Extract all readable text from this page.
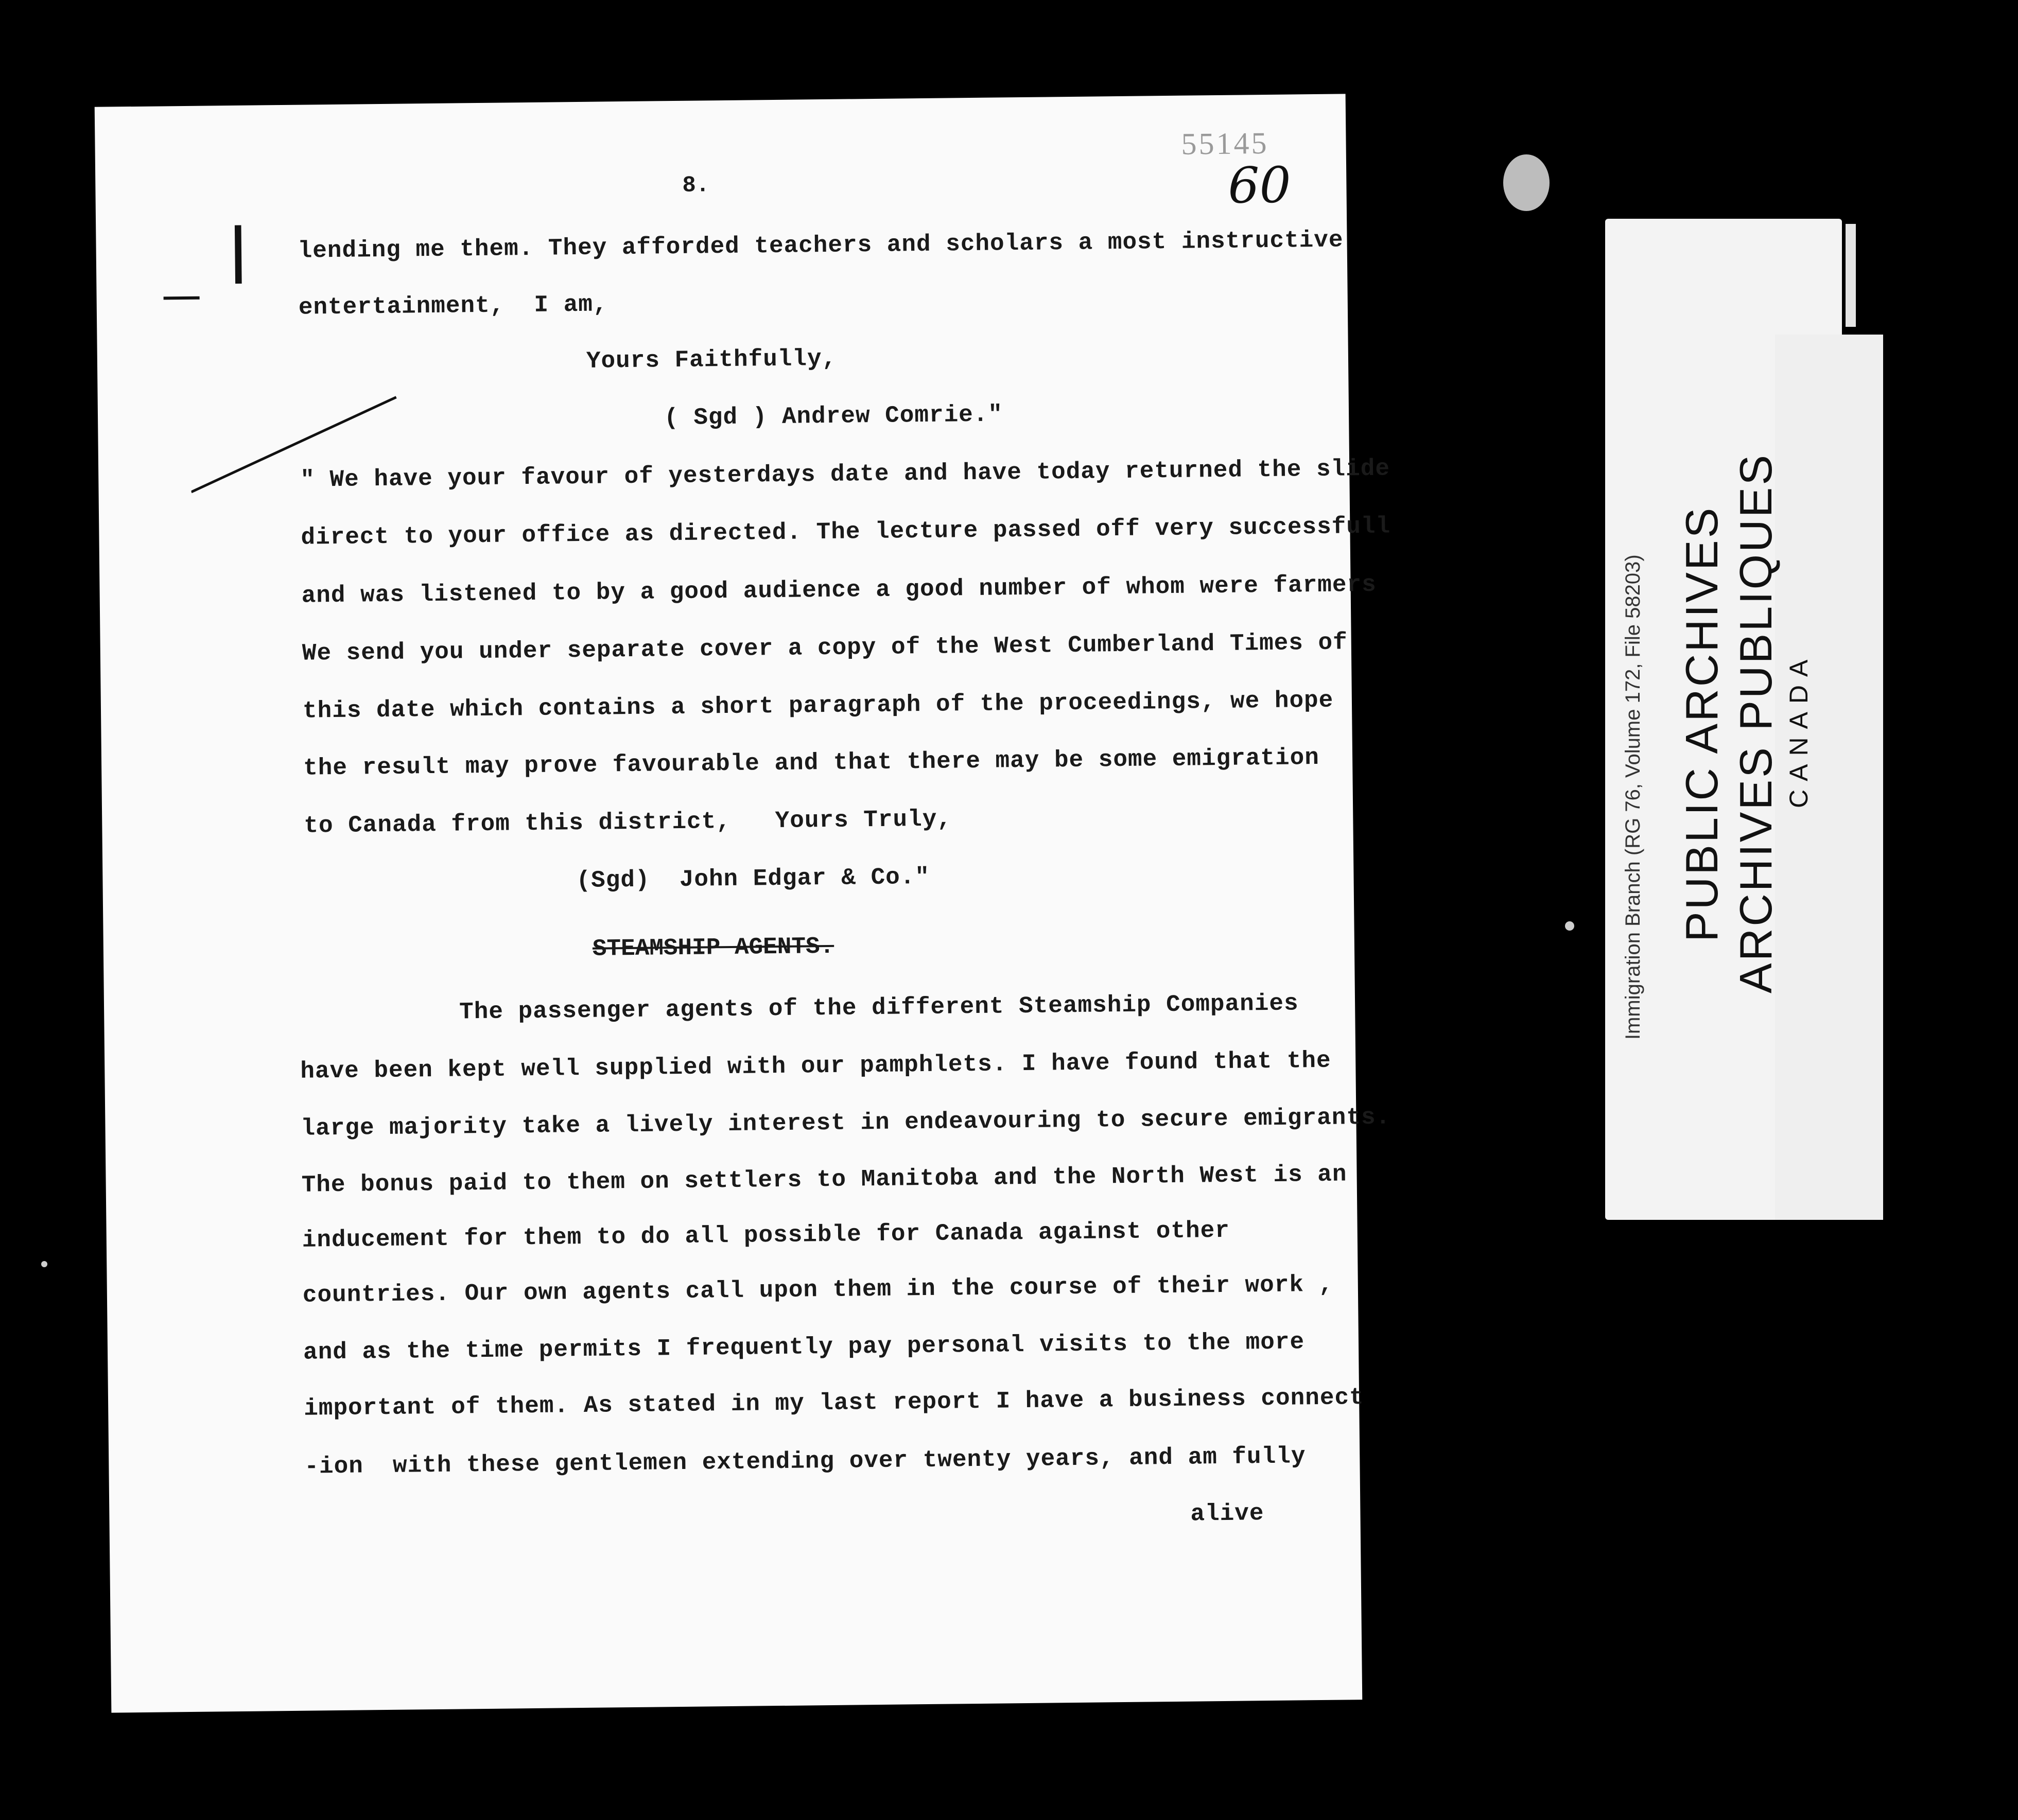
55145
60
8.
❘ lending me them. They afforded teachers and scholars a most instructive
entertainment,  I am,
Yours Faithfully,
( Sgd ) Andrew Comrie."
" We have your favour of yesterdays date and have today returned the slide
direct to your office as directed. The lecture passed off very successfull
and was listened to by a good audience a good number of whom were farmers
We send you under separate cover a copy of the West Cumberland Times of
this date which contains a short paragraph of the proceedings, we hope
the result may prove favourable and that there may be some emigration
to Canada from this district,   Yours Truly,
(Sgd)  John Edgar & Co."
STEAMSHIP AGENTS.
The passenger agents of the different Steamship Companies
have been kept well supplied with our pamphlets. I have found that the
large majority take a lively interest in endeavouring to secure emigrants.
The bonus paid to them on settlers to Manitoba and the North West is an
inducement for them to do all possible for Canada against other
countries. Our own agents call upon them in the course of their work ,
and as the time permits I frequently pay personal visits to the more
important of them. As stated in my last report I have a business connect
-ion  with these gentlemen extending over twenty years, and am fully
alive
Immigration Branch (RG 76, Volume 172, File 58203) PUBLIC ARCHIVES ARCHIVES PUBLIQUES CANADA
